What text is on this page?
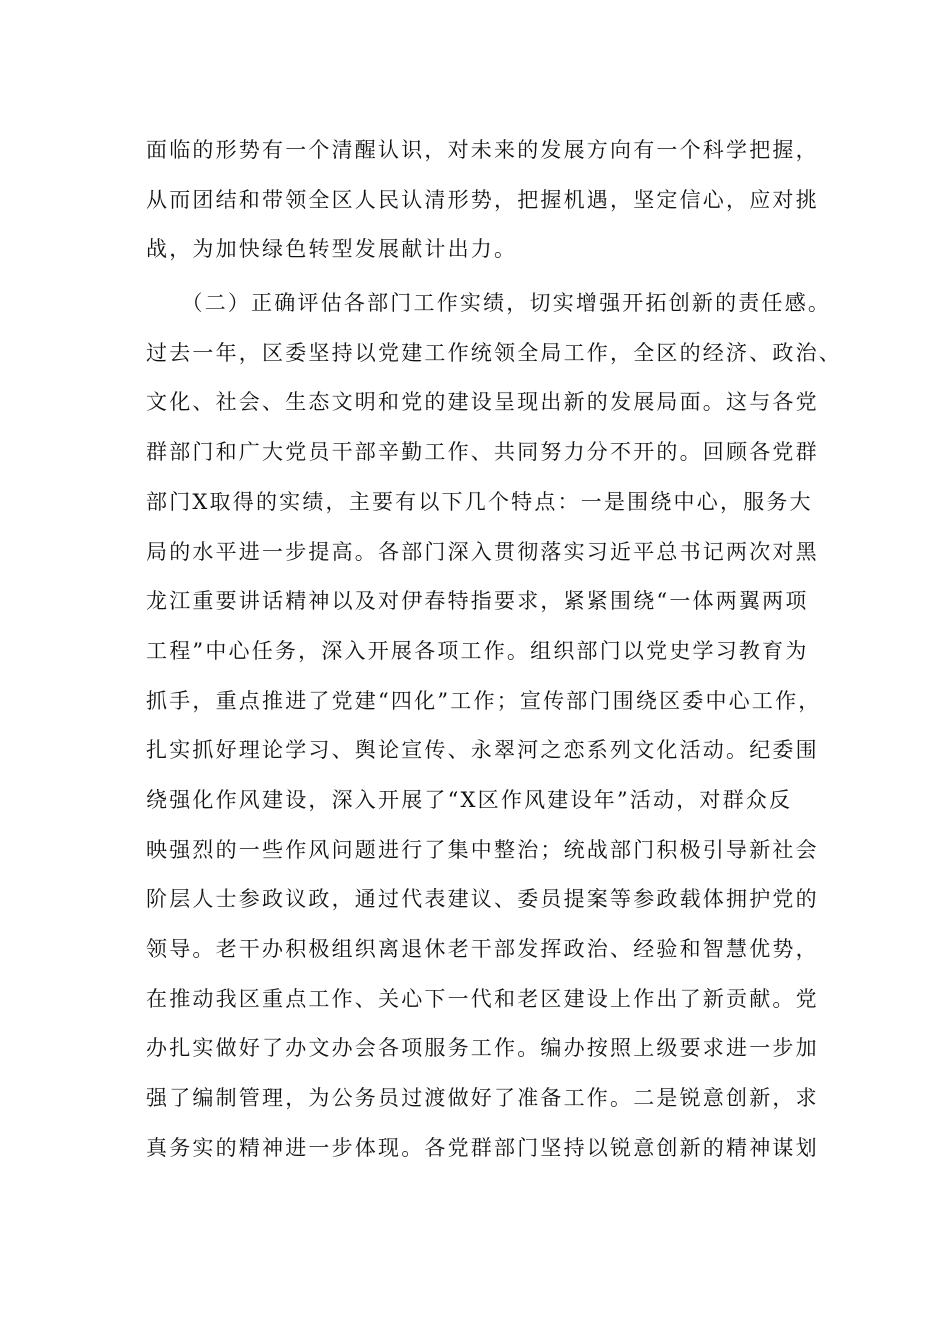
面临的形势有一个清醒认识，对未来的发展方向有一个科学把握，
从而团结和带领全区人民认清形势，把握机遇，坚定信心，应对挑
战，为加快绿色转型发展献计出力。
（二）正确评估各部门工作实绩，切实增强开拓创新的责任感。
过去一年，区委坚持以党建工作统领全局工作，全区的经济、政治、
文化、社会、生态文明和党的建设呈现出新的发展局面。这与各党
群部门和广大党员干部辛勤工作、共同努力分不开的。回顾各党群
部门X取得的实绩，主要有以下几个特点：一是围绕中心，服务大
局的水平进一步提高。各部门深入贯彻落实习近平总书记两次对黑
龙江重要讲话精神以及对伊春特指要求，紧紧围绕“一体两翼两项
工程”中心任务，深入开展各项工作。组织部门以党史学习教育为
抓手，重点推进了党建“四化”工作；宣传部门围绕区委中心工作，
扎实抓好理论学习、舆论宣传、永翠河之恋系列文化活动。纪委围
绕强化作风建设，深入开展了“X区作风建设年”活动，对群众反
映强烈的一些作风问题进行了集中整治；统战部门积极引导新社会
阶层人士参政议政，通过代表建议、委员提案等参政载体拥护党的
领导。老干办积极组织离退休老干部发挥政治、经验和智慧优势，
在推动我区重点工作、关心下一代和老区建设上作出了新贡献。党
办扎实做好了办文办会各项服务工作。编办按照上级要求进一步加
强了编制管理，为公务员过渡做好了准备工作。二是锐意创新，求
真务实的精神进一步体现。各党群部门坚持以锐意创新的精神谋划
